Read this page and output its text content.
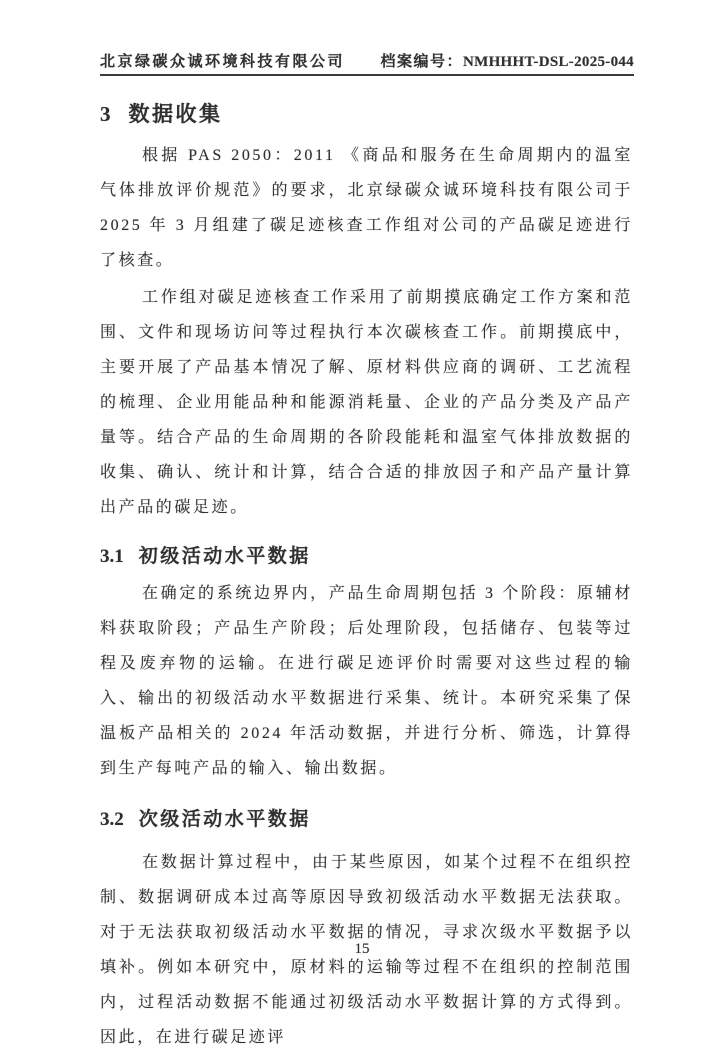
北京绿碳众诚环境科技有限公司 档案编号：NMHHHT-DSL-2025-044
3 数据收集

根据 PAS 2050：2011 《商品和服务在生命周期内的温室气体排放评价规范》的要求，北京绿碳众诚环境科技有限公司于 2025 年 3 月组建了碳足迹核查工作组对公司的产品碳足迹进行了核查。

工作组对碳足迹核查工作采用了前期摸底确定工作方案和范围、文件和现场访问等过程执行本次碳核查工作。前期摸底中，主要开展了产品基本情况了解、原材料供应商的调研、工艺流程的梳理、企业用能品种和能源消耗量、企业的产品分类及产品产量等。结合产品的生命周期的各阶段能耗和温室气体排放数据的收集、确认、统计和计算，结合合适的排放因子和产品产量计算出产品的碳足迹。

3.1 初级活动水平数据

在确定的系统边界内，产品生命周期包括 3 个阶段：原辅材料获取阶段；产品生产阶段；后处理阶段，包括储存、包装等过程及废弃物的运输。在进行碳足迹评价时需要对这些过程的输入、输出的初级活动水平数据进行采集、统计。本研究采集了保温板产品相关的 2024 年活动数据，并进行分析、筛选，计算得到生产每吨产品的输入、输出数据。

3.2 次级活动水平数据

在数据计算过程中，由于某些原因，如某个过程不在组织控制、数据调研成本过高等原因导致初级活动水平数据无法获取。对于无法获取初级活动水平数据的情况，寻求次级水平数据予以填补。例如本研究中，原材料的运输等过程不在组织的控制范围内，过程活动数据不能通过初级活动水平数据计算的方式得到。因此，在进行碳足迹评

15
